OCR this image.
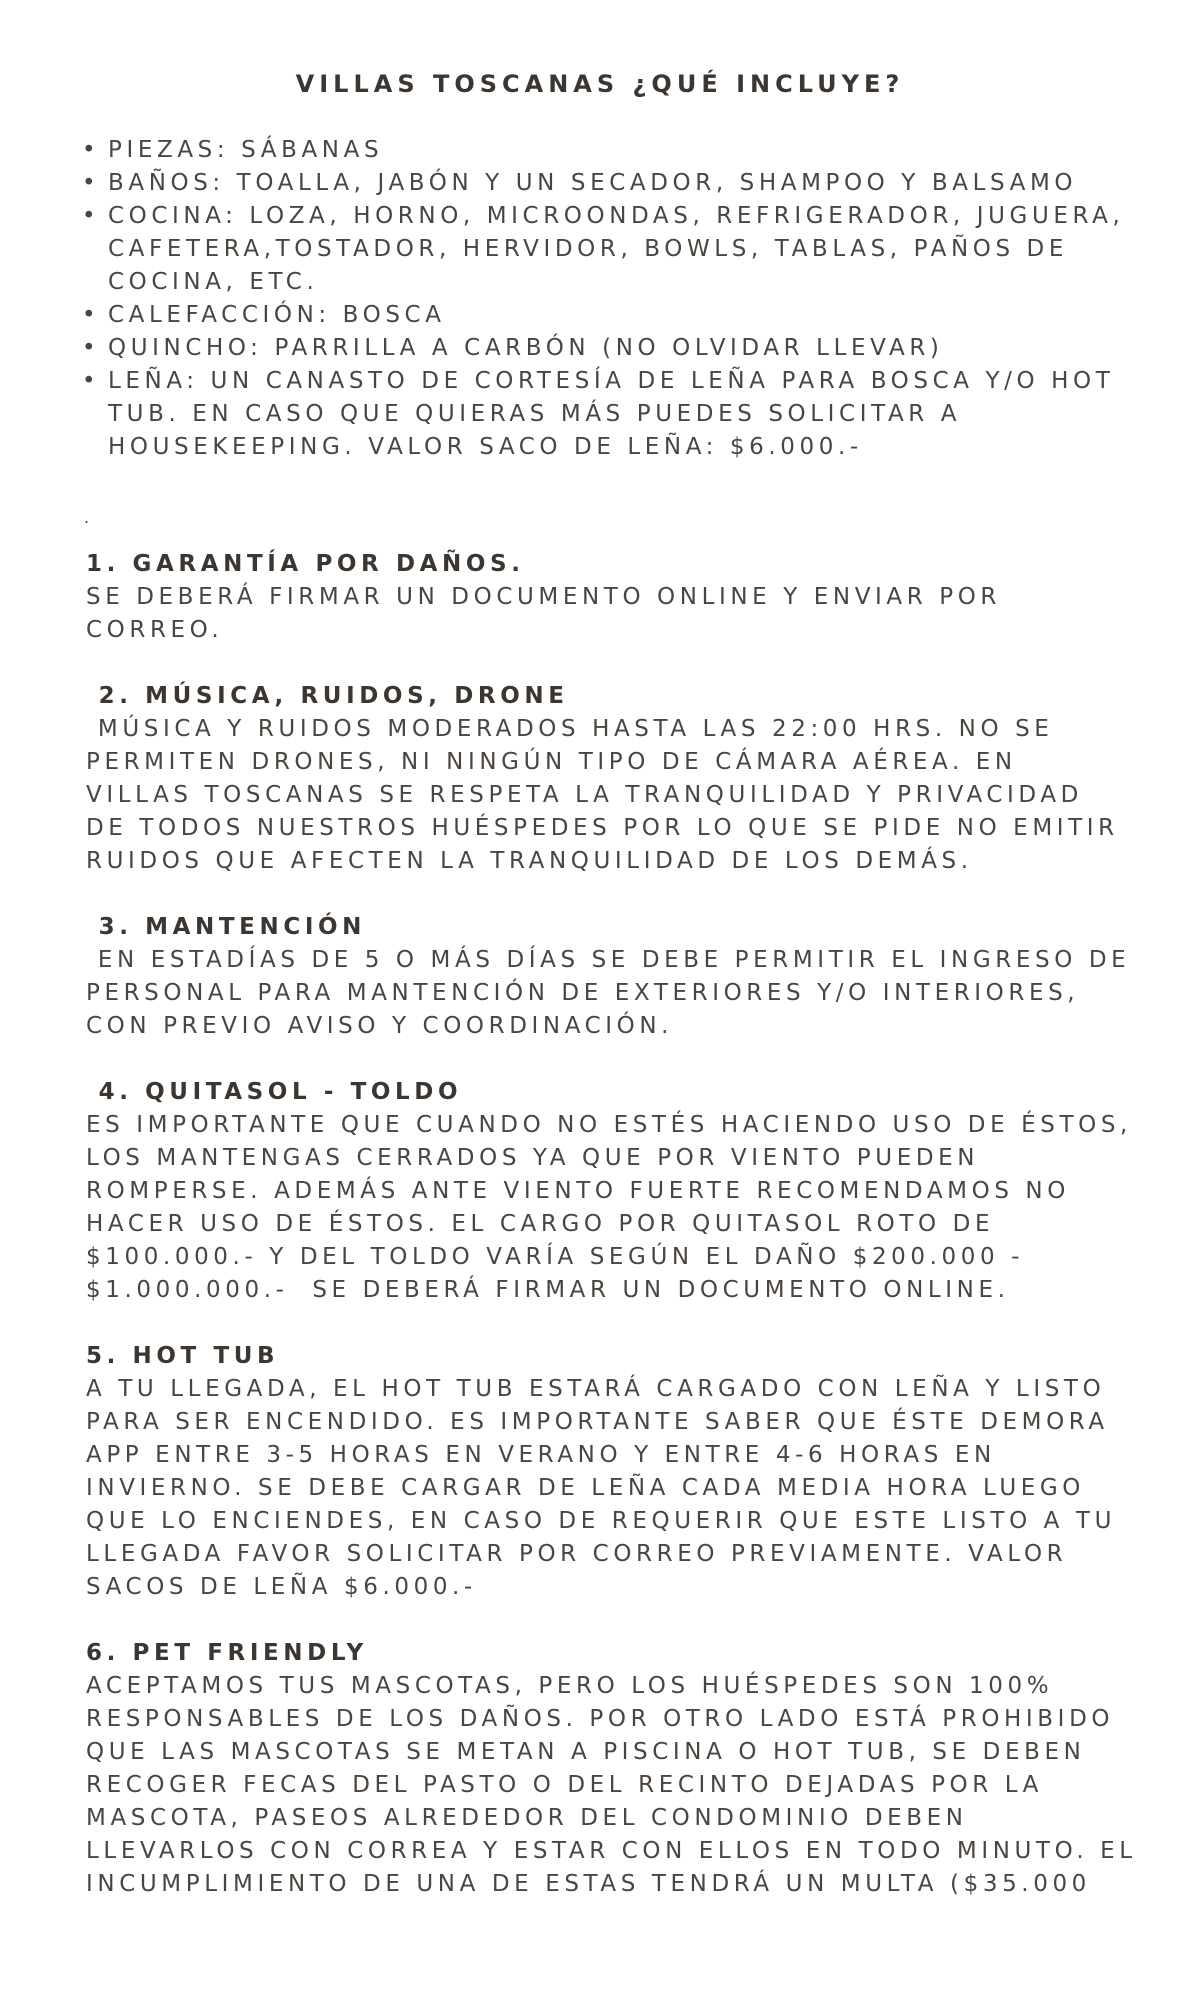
VILLAS TOSCANAS ¿QUÉ INCLUYE?
• PIEZAS: SÁBANAS
• BAÑOS: TOALLA, JABÓN Y UN SECADOR, SHAMPOO Y BALSAMO
• COCINA: LOZA, HORNO, MICROONDAS, REFRIGERADOR, JUGUERA, CAFETERA,TOSTADOR, HERVIDOR, BOWLS, TABLAS, PAÑOS DE COCINA, ETC.
• CALEFACCIÓN: BOSCA
• QUINCHO: PARRILLA A CARBÓN (NO OLVIDAR LLEVAR)
• LEÑA: UN CANASTO DE CORTESÍA DE LEÑA PARA BOSCA Y/O HOT TUB. EN CASO QUE QUIERAS MÁS PUEDES SOLICITAR A HOUSEKEEPING. VALOR SACO DE LEÑA: $6.000.-
.
1. GARANTÍA POR DAÑOS.
SE DEBERÁ FIRMAR UN DOCUMENTO ONLINE Y ENVIAR POR
CORREO.
2. MÚSICA, RUIDOS, DRONE
MÚSICA Y RUIDOS MODERADOS HASTA LAS 22:00 HRS. NO SE
PERMITEN DRONES, NI NINGÚN TIPO DE CÁMARA AÉREA. EN
VILLAS TOSCANAS SE RESPETA LA TRANQUILIDAD Y PRIVACIDAD
DE TODOS NUESTROS HUÉSPEDES POR LO QUE SE PIDE NO EMITIR
RUIDOS QUE AFECTEN LA TRANQUILIDAD DE LOS DEMÁS.
3. MANTENCIÓN
EN ESTADÍAS DE 5 O MÁS DÍAS SE DEBE PERMITIR EL INGRESO DE
PERSONAL PARA MANTENCIÓN DE EXTERIORES Y/O INTERIORES,
CON PREVIO AVISO Y COORDINACIÓN.
4. QUITASOL - TOLDO
ES IMPORTANTE QUE CUANDO NO ESTÉS HACIENDO USO DE ÉSTOS,
LOS MANTENGAS CERRADOS YA QUE POR VIENTO PUEDEN
ROMPERSE. ADEMÁS ANTE VIENTO FUERTE RECOMENDAMOS NO
HACER USO DE ÉSTOS. EL CARGO POR QUITASOL ROTO DE
$100.000.- Y DEL TOLDO VARÍA SEGÚN EL DAÑO $200.000 -
$1.000.000.-  SE DEBERÁ FIRMAR UN DOCUMENTO ONLINE.
5. HOT TUB
A TU LLEGADA, EL HOT TUB ESTARÁ CARGADO CON LEÑA Y LISTO
PARA SER ENCENDIDO. ES IMPORTANTE SABER QUE ÉSTE DEMORA
APP ENTRE 3-5 HORAS EN VERANO Y ENTRE 4-6 HORAS EN
INVIERNO. SE DEBE CARGAR DE LEÑA CADA MEDIA HORA LUEGO
QUE LO ENCIENDES, EN CASO DE REQUERIR QUE ESTE LISTO A TU
LLEGADA FAVOR SOLICITAR POR CORREO PREVIAMENTE. VALOR
SACOS DE LEÑA $6.000.-
6. PET FRIENDLY
ACEPTAMOS TUS MASCOTAS, PERO LOS HUÉSPEDES SON 100%
RESPONSABLES DE LOS DAÑOS. POR OTRO LADO ESTÁ PROHIBIDO
QUE LAS MASCOTAS SE METAN A PISCINA O HOT TUB, SE DEBEN
RECOGER FECAS DEL PASTO O DEL RECINTO DEJADAS POR LA
MASCOTA, PASEOS ALREDEDOR DEL CONDOMINIO DEBEN
LLEVARLOS CON CORREA Y ESTAR CON ELLOS EN TODO MINUTO. EL
INCUMPLIMIENTO DE UNA DE ESTAS TENDRÁ UN MULTA ($35.000
